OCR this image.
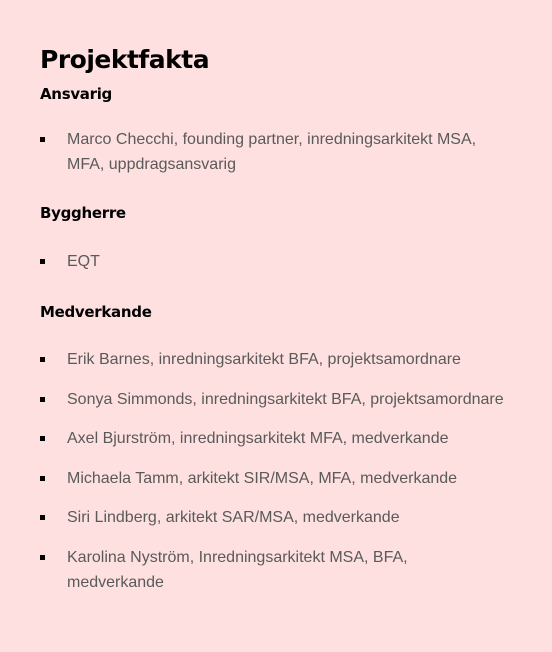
Projektfakta
Ansvarig
Marco Checchi, founding partner, inredningsarkitekt MSA, MFA, uppdragsansvarig
Byggherre
EQT
Medverkande
Erik Barnes, inredningsarkitekt BFA, projektsamordnare
Sonya Simmonds, inredningsarkitekt BFA, projektsamordnare
Axel Bjurström, inredningsarkitekt MFA, medverkande
Michaela Tamm, arkitekt SIR/MSA, MFA, medverkande
Siri Lindberg, arkitekt SAR/MSA, medverkande
Karolina Nyström, Inredningsarkitekt MSA, BFA, medverkande
